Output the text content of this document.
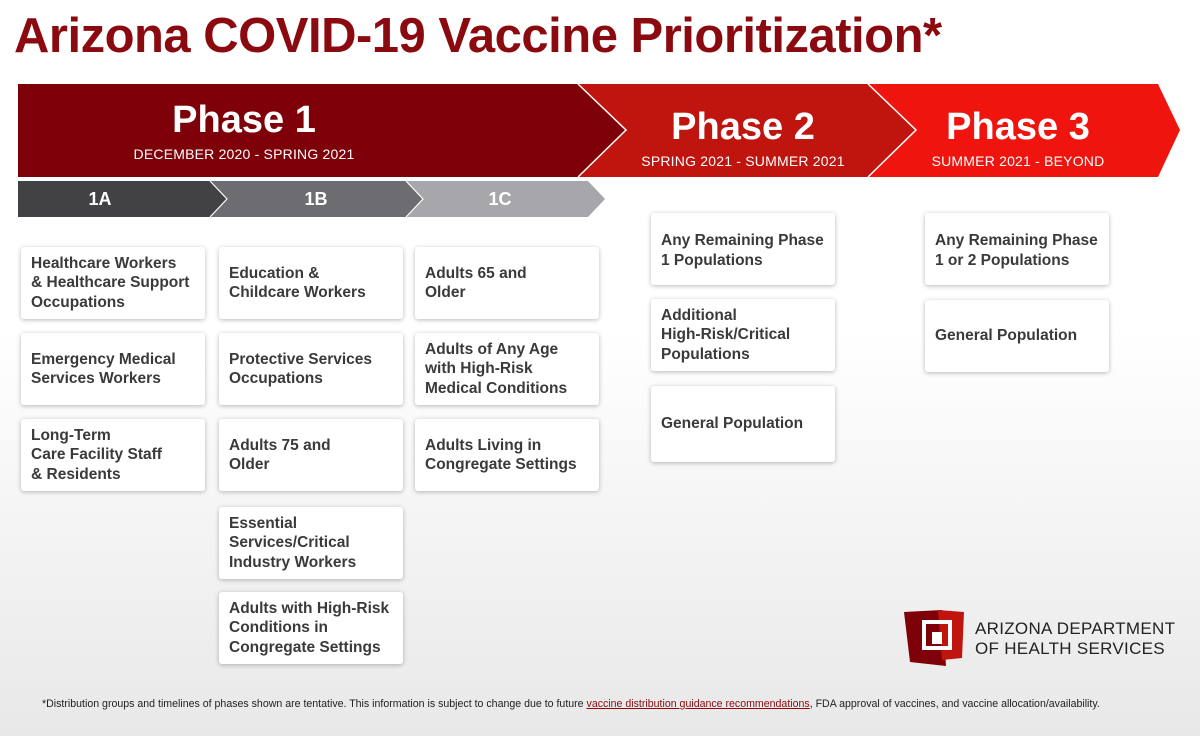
Arizona COVID-19 Vaccine Prioritization*
Phase 1
DECEMBER 2020 - SPRING 2021
Phase 2
SPRING 2021 - SUMMER 2021
Phase 3
SUMMER 2021 - BEYOND
1A	1B	1C
Healthcare Workers
& Healthcare Support
Occupations
Emergency Medical
Services Workers
Long-Term
Care Facility Staff
& Residents
Education &
Childcare Workers
Protective Services
Occupations
Adults 75 and
Older
Essential
Services/Critical
Industry Workers
Adults with High-Risk
Conditions in
Congregate Settings
Adults 65 and
Older
Adults of Any Age
with High-Risk
Medical Conditions
Adults Living in
Congregate Settings
Any Remaining Phase
1 Populations
Additional
High-Risk/Critical
Populations
General Population
Any Remaining Phase
1 or 2 Populations
General Population
ARIZONA DEPARTMENT
OF HEALTH SERVICES
*Distribution groups and timelines of phases shown are tentative. This information is subject to change due to future vaccine distribution guidance recommendations, FDA approval of vaccines, and vaccine allocation/availability.
